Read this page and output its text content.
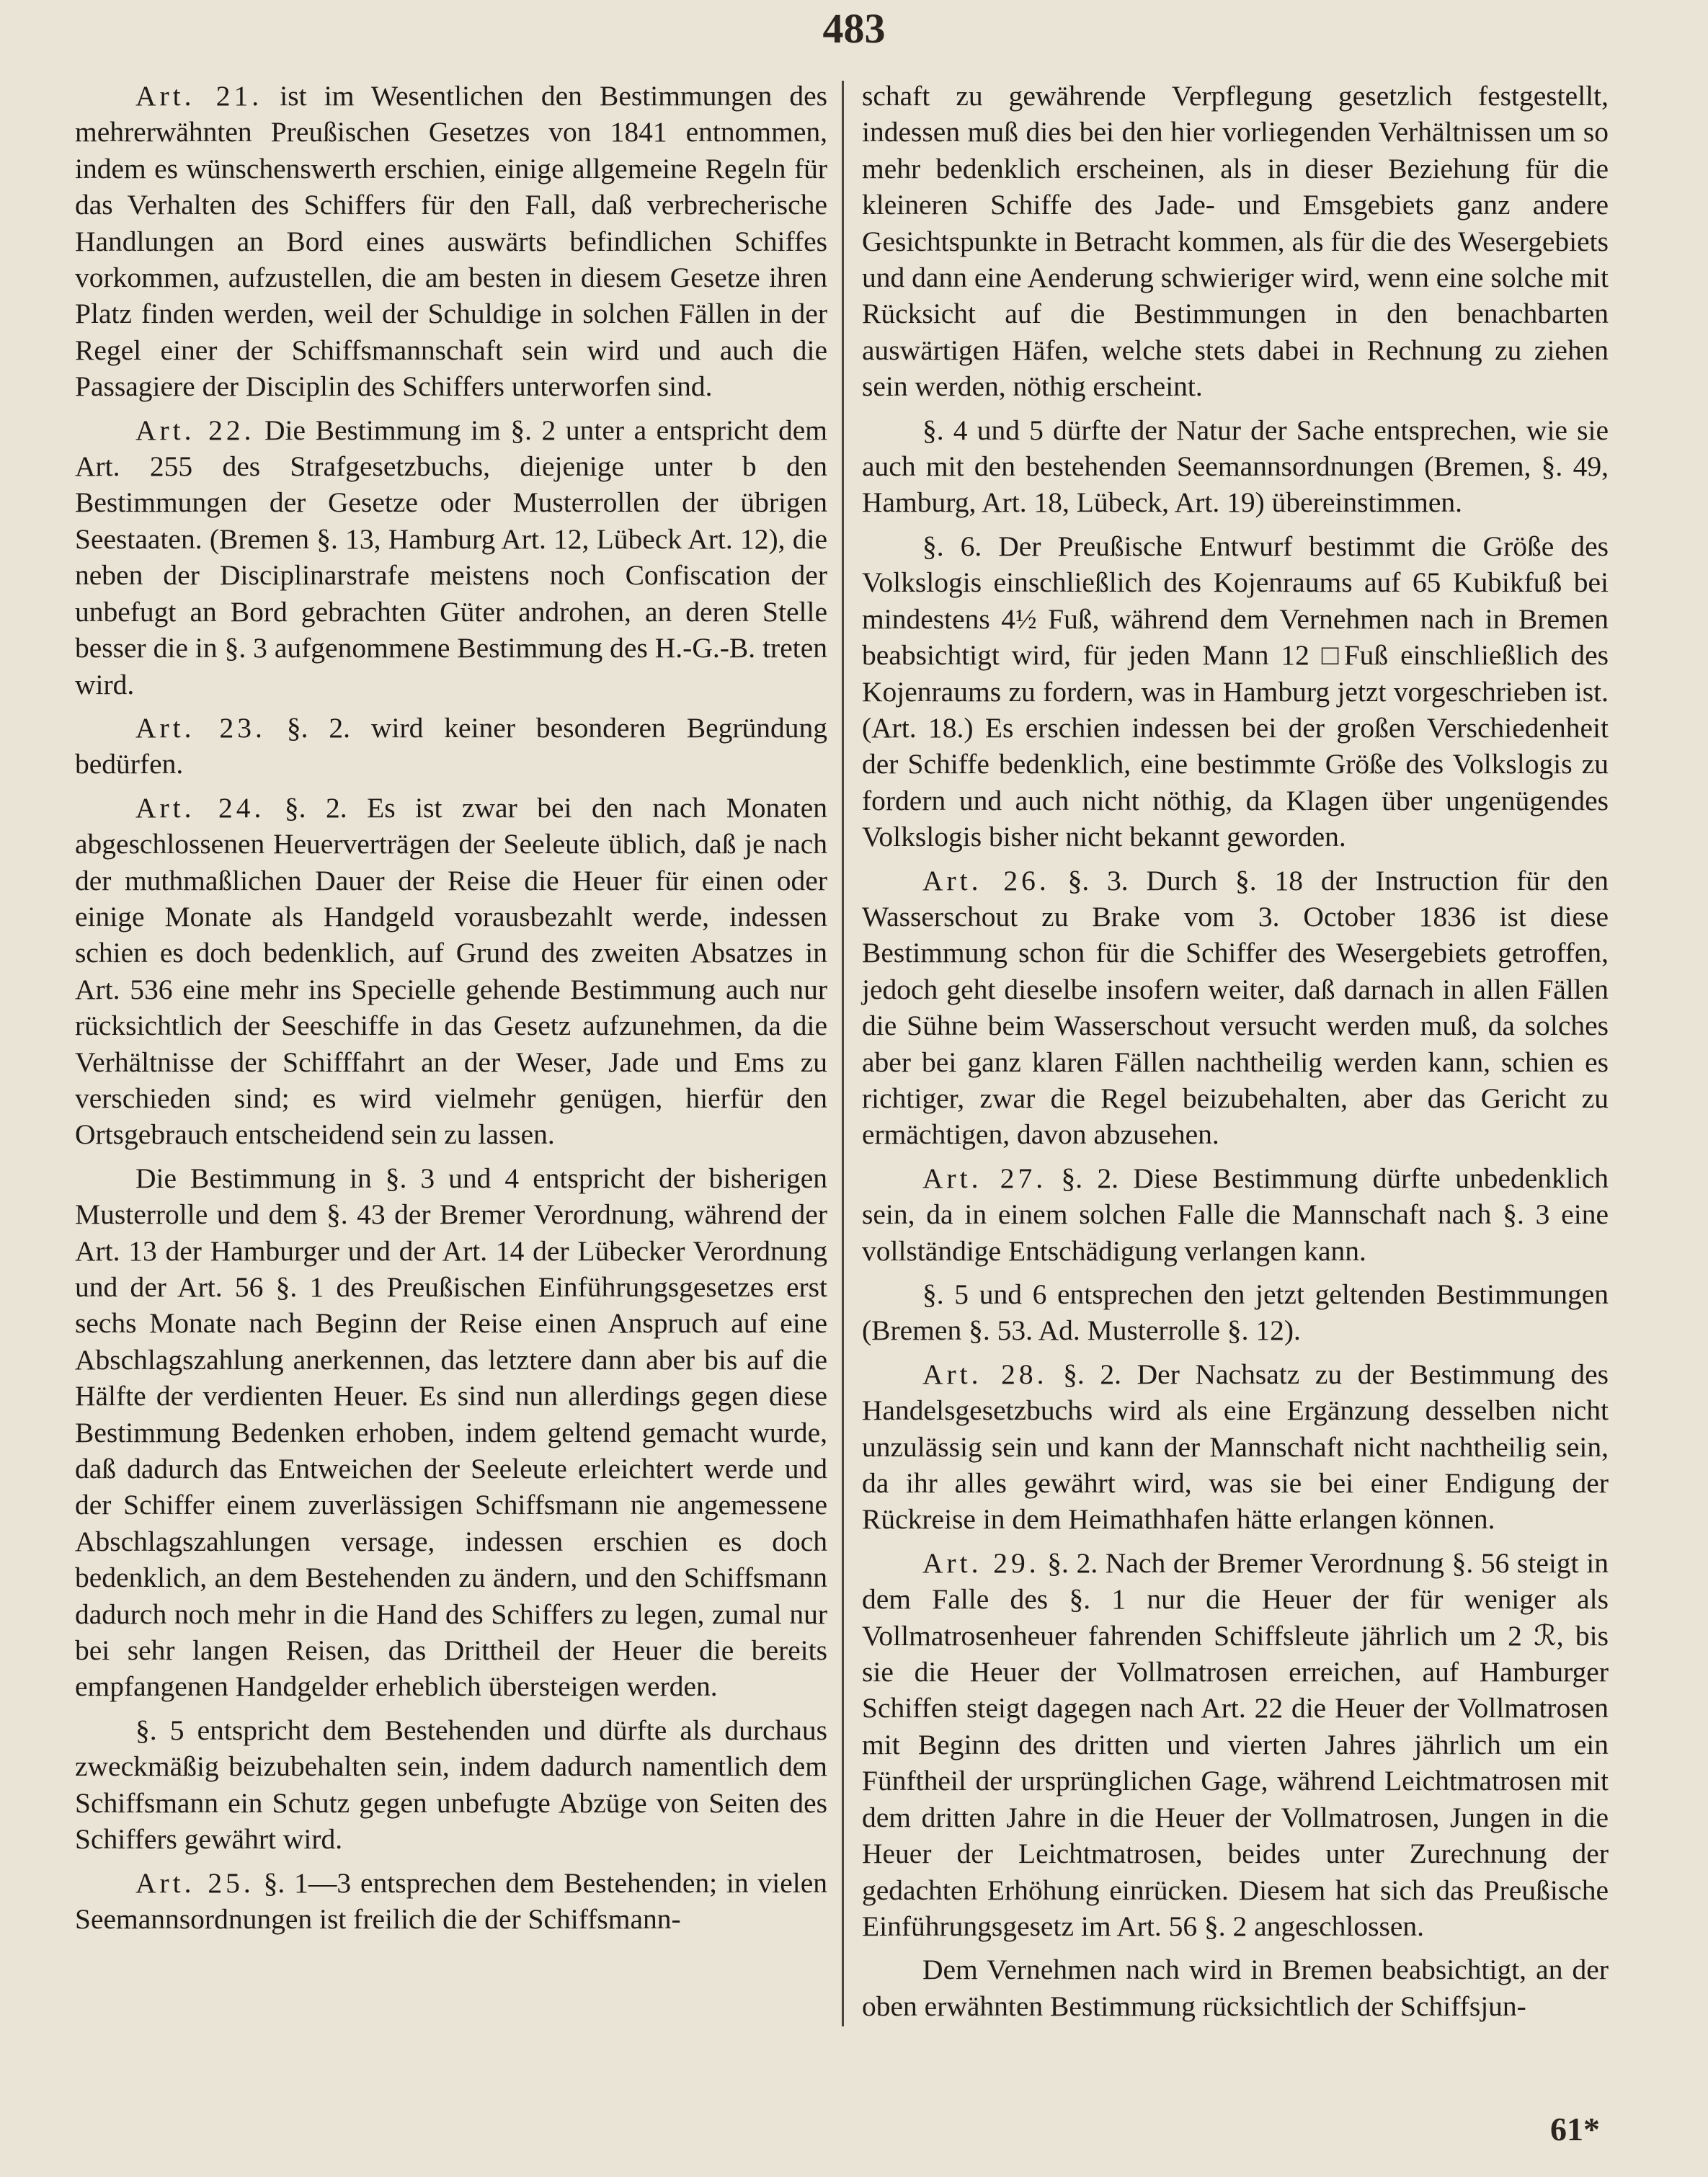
483

Art. 21. ist im Wesentlichen den Bestimmungen des mehrerwähnten Preußischen Gesetzes von 1841 entnommen, indem es wünschenswerth erschien, einige allgemeine Regeln für das Verhalten des Schiffers für den Fall, daß verbrecherische Handlungen an Bord eines auswärts befindlichen Schiffes vorkommen, aufzustellen, die am besten in diesem Gesetze ihren Platz finden werden, weil der Schuldige in solchen Fällen in der Regel einer der Schiffsmannschaft sein wird und auch die Passagiere der Disciplin des Schiffers unterworfen sind.

Art. 22. Die Bestimmung im §. 2 unter a entspricht dem Art. 255 des Strafgesetzbuchs, diejenige unter b den Bestimmungen der Gesetze oder Musterrollen der übrigen Seestaaten. (Bremen §. 13, Hamburg Art. 12, Lübeck Art. 12), die neben der Disciplinarstrafe meistens noch Confiscation der unbefugt an Bord gebrachten Güter androhen, an deren Stelle besser die in §. 3 aufgenommene Bestimmung des H.-G.-B. treten wird.

Art. 23. §. 2. wird keiner besonderen Begründung bedürfen.

Art. 24. §. 2. Es ist zwar bei den nach Monaten abgeschlossenen Heuerverträgen der Seeleute üblich, daß je nach der muthmaßlichen Dauer der Reise die Heuer für einen oder einige Monate als Handgeld vorausbezahlt werde, indessen schien es doch bedenklich, auf Grund des zweiten Absatzes in Art. 536 eine mehr ins Specielle gehende Bestimmung auch nur rücksichtlich der Seeschiffe in das Gesetz aufzunehmen, da die Verhältnisse der Schifffahrt an der Weser, Jade und Ems zu verschieden sind; es wird vielmehr genügen, hierfür den Ortsgebrauch entscheidend sein zu lassen.

Die Bestimmung in §. 3 und 4 entspricht der bisherigen Musterrolle und dem §. 43 der Bremer Verordnung, während der Art. 13 der Hamburger und der Art. 14 der Lübecker Verordnung und der Art. 56 §. 1 des Preußischen Einführungsgesetzes erst sechs Monate nach Beginn der Reise einen Anspruch auf eine Abschlagszahlung anerkennen, das letztere dann aber bis auf die Hälfte der verdienten Heuer. Es sind nun allerdings gegen diese Bestimmung Bedenken erhoben, indem geltend gemacht wurde, daß dadurch das Entweichen der Seeleute erleichtert werde und der Schiffer einem zuverlässigen Schiffsmann nie angemessene Abschlagszahlungen versage, indessen erschien es doch bedenklich, an dem Bestehenden zu ändern, und den Schiffsmann dadurch noch mehr in die Hand des Schiffers zu legen, zumal nur bei sehr langen Reisen, das Drittheil der Heuer die bereits empfangenen Handgelder erheblich übersteigen werden.

§. 5 entspricht dem Bestehenden und dürfte als durchaus zweckmäßig beizubehalten sein, indem dadurch namentlich dem Schiffsmann ein Schutz gegen unbefugte Abzüge von Seiten des Schiffers gewährt wird.

Art. 25. §. 1—3 entsprechen dem Bestehenden; in vielen Seemannsordnungen ist freilich die der Schiffsmann-

schaft zu gewährende Verpflegung gesetzlich festgestellt, indessen muß dies bei den hier vorliegenden Verhältnissen um so mehr bedenklich erscheinen, als in dieser Beziehung für die kleineren Schiffe des Jade- und Emsgebiets ganz andere Gesichtspunkte in Betracht kommen, als für die des Wesergebiets und dann eine Aenderung schwieriger wird, wenn eine solche mit Rücksicht auf die Bestimmungen in den benachbarten auswärtigen Häfen, welche stets dabei in Rechnung zu ziehen sein werden, nöthig erscheint.

§. 4 und 5 dürfte der Natur der Sache entsprechen, wie sie auch mit den bestehenden Seemannsordnungen (Bremen, §. 49, Hamburg, Art. 18, Lübeck, Art. 19) übereinstimmen.

§. 6. Der Preußische Entwurf bestimmt die Größe des Volkslogis einschließlich des Kojenraums auf 65 Kubikfuß bei mindestens 4½ Fuß, während dem Vernehmen nach in Bremen beabsichtigt wird, für jeden Mann 12 □Fuß einschließlich des Kojenraums zu fordern, was in Hamburg jetzt vorgeschrieben ist. (Art. 18.) Es erschien indessen bei der großen Verschiedenheit der Schiffe bedenklich, eine bestimmte Größe des Volkslogis zu fordern und auch nicht nöthig, da Klagen über ungenügendes Volkslogis bisher nicht bekannt geworden.

Art. 26. §. 3. Durch §. 18 der Instruction für den Wasserschout zu Brake vom 3. October 1836 ist diese Bestimmung schon für die Schiffer des Wesergebiets getroffen, jedoch geht dieselbe insofern weiter, daß darnach in allen Fällen die Sühne beim Wasserschout versucht werden muß, da solches aber bei ganz klaren Fällen nachtheilig werden kann, schien es richtiger, zwar die Regel beizubehalten, aber das Gericht zu ermächtigen, davon abzusehen.

Art. 27. §. 2. Diese Bestimmung dürfte unbedenklich sein, da in einem solchen Falle die Mannschaft nach §. 3 eine vollständige Entschädigung verlangen kann.

§. 5 und 6 entsprechen den jetzt geltenden Bestimmungen (Bremen §. 53. Ad. Musterrolle §. 12).

Art. 28. §. 2. Der Nachsatz zu der Bestimmung des Handelsgesetzbuchs wird als eine Ergänzung desselben nicht unzulässig sein und kann der Mannschaft nicht nachtheilig sein, da ihr alles gewährt wird, was sie bei einer Endigung der Rückreise in dem Heimathhafen hätte erlangen können.

Art. 29. §. 2. Nach der Bremer Verordnung §. 56 steigt in dem Falle des §. 1 nur die Heuer der für weniger als Vollmatrosenheuer fahrenden Schiffsleute jährlich um 2 ℛ, bis sie die Heuer der Vollmatrosen erreichen, auf Hamburger Schiffen steigt dagegen nach Art. 22 die Heuer der Vollmatrosen mit Beginn des dritten und vierten Jahres jährlich um ein Fünftheil der ursprünglichen Gage, während Leichtmatrosen mit dem dritten Jahre in die Heuer der Vollmatrosen, Jungen in die Heuer der Leichtmatrosen, beides unter Zurechnung der gedachten Erhöhung einrücken. Diesem hat sich das Preußische Einführungsgesetz im Art. 56 §. 2 angeschlossen.

Dem Vernehmen nach wird in Bremen beabsichtigt, an der oben erwähnten Bestimmung rücksichtlich der Schiffsjun-

61*
